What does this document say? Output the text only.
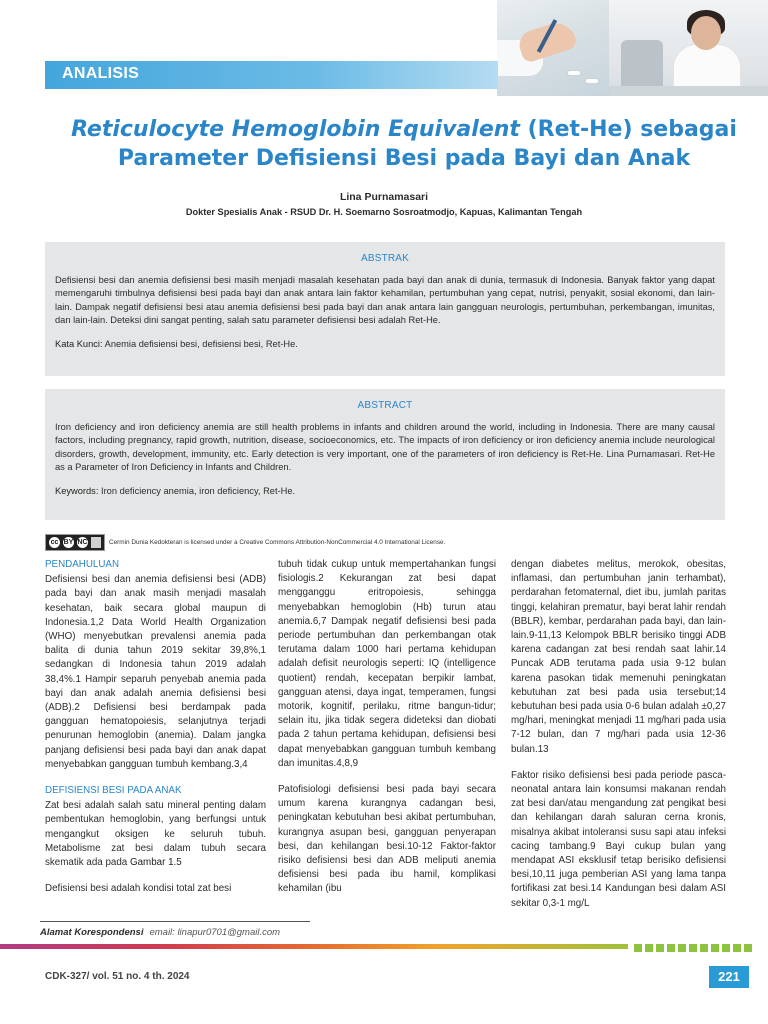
ANALISIS
Reticulocyte Hemoglobin Equivalent (Ret-He) sebagai
Parameter Defisiensi Besi pada Bayi dan Anak
Lina Purnamasari
Dokter Spesialis Anak - RSUD Dr. H. Soemarno Sosroatmodjo, Kapuas, Kalimantan Tengah
ABSTRAK
Defisiensi besi dan anemia defisiensi besi masih menjadi masalah kesehatan pada bayi dan anak di dunia, termasuk di Indonesia. Banyak faktor yang dapat memengaruhi timbulnya defisiensi besi pada bayi dan anak antara lain faktor kehamilan, pertumbuhan yang cepat, nutrisi, penyakit, sosial ekonomi, dan lain-lain. Dampak negatif defisiensi besi atau anemia defisiensi besi pada bayi dan anak antara lain gangguan neurologis, pertumbuhan, perkembangan, imunitas, dan lain-lain. Deteksi dini sangat penting, salah satu parameter defisiensi besi adalah Ret-He.
Kata Kunci: Anemia defisiensi besi, defisiensi besi, Ret-He.
ABSTRACT
Iron deficiency and iron deficiency anemia are still health problems in infants and children around the world, including in Indonesia. There are many causal factors, including pregnancy, rapid growth, nutrition, disease, socioeconomics, etc. The impacts of iron deficiency or iron deficiency anemia include neurological disorders, growth, development, immunity, etc. Early detection is very important, one of the parameters of iron deficiency is Ret-He. Lina Purnamasari. Ret-He as a Parameter of Iron Deficiency in Infants and Children.
Keywords: Iron deficiency anemia, iron deficiency, Ret-He.
cc BY NC	Cermin Dunia Kedokteran is licensed under a Creative Commons Attribution-NonCommercial 4.0 International License.
PENDAHULUAN

Defisiensi besi dan anemia defisiensi besi (ADB) pada bayi dan anak masih menjadi masalah kesehatan, baik secara global maupun di Indonesia.1,2 Data World Health Organization (WHO) menyebutkan prevalensi anemia pada balita di dunia tahun 2019 sekitar 39,8%,1 sedangkan di Indonesia tahun 2019 adalah 38,4%.1 Hampir separuh penyebab anemia pada bayi dan anak adalah anemia defisiensi besi (ADB).2 Defisiensi besi berdampak pada gangguan hematopoiesis, selanjutnya terjadi penurunan hemoglobin (anemia). Dalam jangka panjang defisiensi besi pada bayi dan anak dapat menyebabkan gangguan tumbuh kembang.3,4

DEFISIENSI BESI PADA ANAK

Zat besi adalah salah satu mineral penting dalam pembentukan hemoglobin, yang berfungsi untuk mengangkut oksigen ke seluruh tubuh. Metabolisme zat besi dalam tubuh secara skematik ada pada Gambar 1.5

Defisiensi besi adalah kondisi total zat besi

tubuh tidak cukup untuk mempertahankan fungsi fisiologis.2 Kekurangan zat besi dapat mengganggu eritropoiesis, sehingga menyebabkan hemoglobin (Hb) turun atau anemia.6,7 Dampak negatif defisiensi besi pada periode pertumbuhan dan perkembangan otak terutama dalam 1000 hari pertama kehidupan adalah defisit neurologis seperti: IQ (intelligence quotient) rendah, kecepatan berpikir lambat, gangguan atensi, daya ingat, temperamen, fungsi motorik, kognitif, perilaku, ritme bangun-tidur; selain itu, jika tidak segera dideteksi dan diobati pada 2 tahun pertama kehidupan, defisiensi besi dapat menyebabkan gangguan tumbuh kembang dan imunitas.4,8,9

Patofisiologi defisiensi besi pada bayi secara umum karena kurangnya cadangan besi, peningkatan kebutuhan besi akibat pertumbuhan, kurangnya asupan besi, gangguan penyerapan besi, dan kehilangan besi.10-12 Faktor-faktor risiko defisiensi besi dan ADB meliputi anemia defisiensi besi pada ibu hamil, komplikasi kehamilan (ibu

dengan diabetes melitus, merokok, obesitas, inflamasi, dan pertumbuhan janin terhambat), perdarahan fetomaternal, diet ibu, jumlah paritas tinggi, kelahiran prematur, bayi berat lahir rendah (BBLR), kembar, perdarahan pada bayi, dan lain-lain.9-11,13 Kelompok BBLR berisiko tinggi ADB karena cadangan zat besi rendah saat lahir.14 Puncak ADB terutama pada usia 9-12 bulan karena pasokan tidak memenuhi peningkatan kebutuhan zat besi pada usia tersebut;14 kebutuhan besi pada usia 0-6 bulan adalah ±0,27 mg/hari, meningkat menjadi 11 mg/hari pada usia 7-12 bulan, dan 7 mg/hari pada usia 12-36 bulan.13

Faktor risiko defisiensi besi pada periode pasca-neonatal antara lain konsumsi makanan rendah zat besi dan/atau mengandung zat pengikat besi dan kehilangan darah saluran cerna kronis, misalnya akibat intoleransi susu sapi atau infeksi cacing tambang.9 Bayi cukup bulan yang mendapat ASI eksklusif tetap berisiko defisiensi besi,10,11 juga pemberian ASI yang lama tanpa fortifikasi zat besi.14 Kandungan besi dalam ASI sekitar 0,3-1 mg/L

Alamat Korespondensi email: linapur0701@gmail.com
CDK-327/ vol. 51 no. 4 th. 2024	221
